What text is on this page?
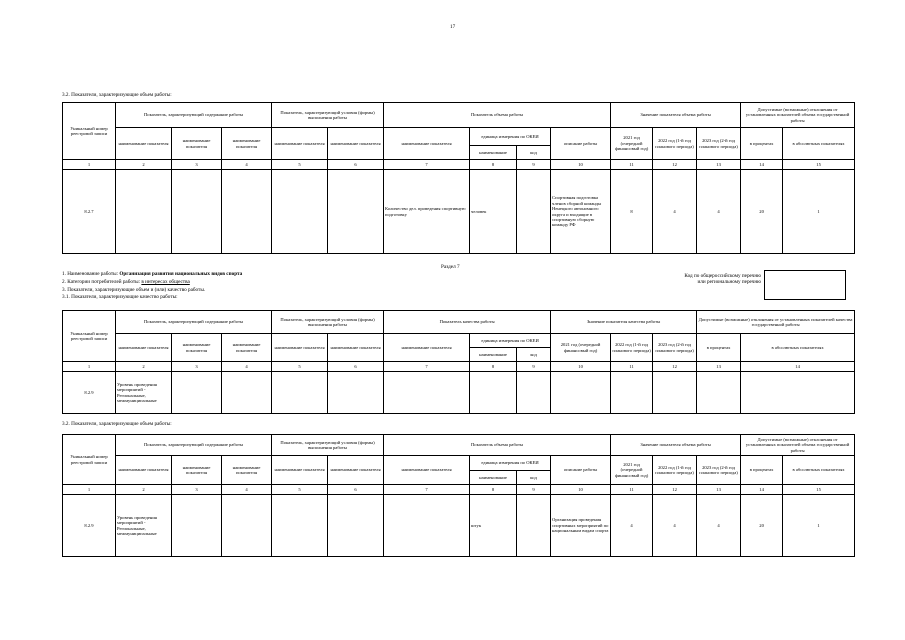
17
3.2. Показатели, характеризующие объем работы:
Уникальный номер реестровой записи	Показатель, характеризующий содержание работы			Показатель, характеризующий условия (формы) выполнения работы		Показатель объема работы				Значение показателя объема работы			Допустимые (возможные) отклонения от установленных показателей объема государственной работы	
	наименование показателя	наименование показателя	наименование показателя	наименование показателя	наименование показателя	наименование показателя	единица измерения по ОКЕИ		описание работы	2021 год (очередной финансовый год)	2022 год (1-й год планового периода)	2023 год (2-й год планового периода)	в процентах	в абсолютных показателях
							наименование	код						
1	2	3	4	5	6	7	8	9	10	11	12	13	14	15
8.2.7						Количество дел. проведения спортивную подготовку	человек		Спортивная подготовка членов сборной команды Ненецкого автономного округа и входящие в спортивную сборную команду РФ	8	4	4	20	1
Раздел 7
1. Наименование работы: Организация развития национальных видов спорта
2. Категории потребителей работы: в интересах общества
3. Показатели, характеризующие объем и (или) качество работы.
3.1. Показатели, характеризующие качество работы:
Код по общероссийскому перечню или региональному перечню
Уникальный номер реестровой записи	Показатель, характеризующий содержание работы			Показатель, характеризующий условия (формы) выполнения работы		Показатель качества работы			Значение показателя качества работы			Допустимые (возможные) отклонения от установленных показателей качества государственной работы	
	наименование показателя	наименование показателя	наименование показателя	наименование показателя	наименование показателя	наименование показателя	единица измерения по ОКЕИ		2021 год (очередной финансовый год)	2022 год (1-й год планового периода)	2023 год (2-й год планового периода)	в процентах	в абсолютных показателях
							наименование	код					
1	2	3	4	5	6	7	8	9	10	11	12	13	14
8.2.9	Уровень проведения мероприятий - Региональные, межмуниципальные												
3.2. Показатели, характеризующие объем работы:
Уникальный номер реестровой записи	Показатель, характеризующий содержание работы			Показатель, характеризующий условия (формы) выполнения работы		Показатель объема работы				Значение показателя объема работы			Допустимые (возможные) отклонения от установленных показателей объема государственной работы	
	наименование показателя	наименование показателя	наименование показателя	наименование показателя	наименование показателя	наименование показателя	единица измерения по ОКЕИ		описание работы	2021 год (очередной финансовый год)	2022 год (1-й год планового периода)	2023 год (2-й год планового периода)	в процентах	в абсолютных показателях
							наименование	код						
1	2	3	4	5	6	7	8	9	10	11	12	13	14	15
8.2.9	Уровень проведения мероприятий - Региональные, межмуниципальные						штук		Организация проведения спортивных мероприятий по национальным видам спорта	4	4	4	20	1
